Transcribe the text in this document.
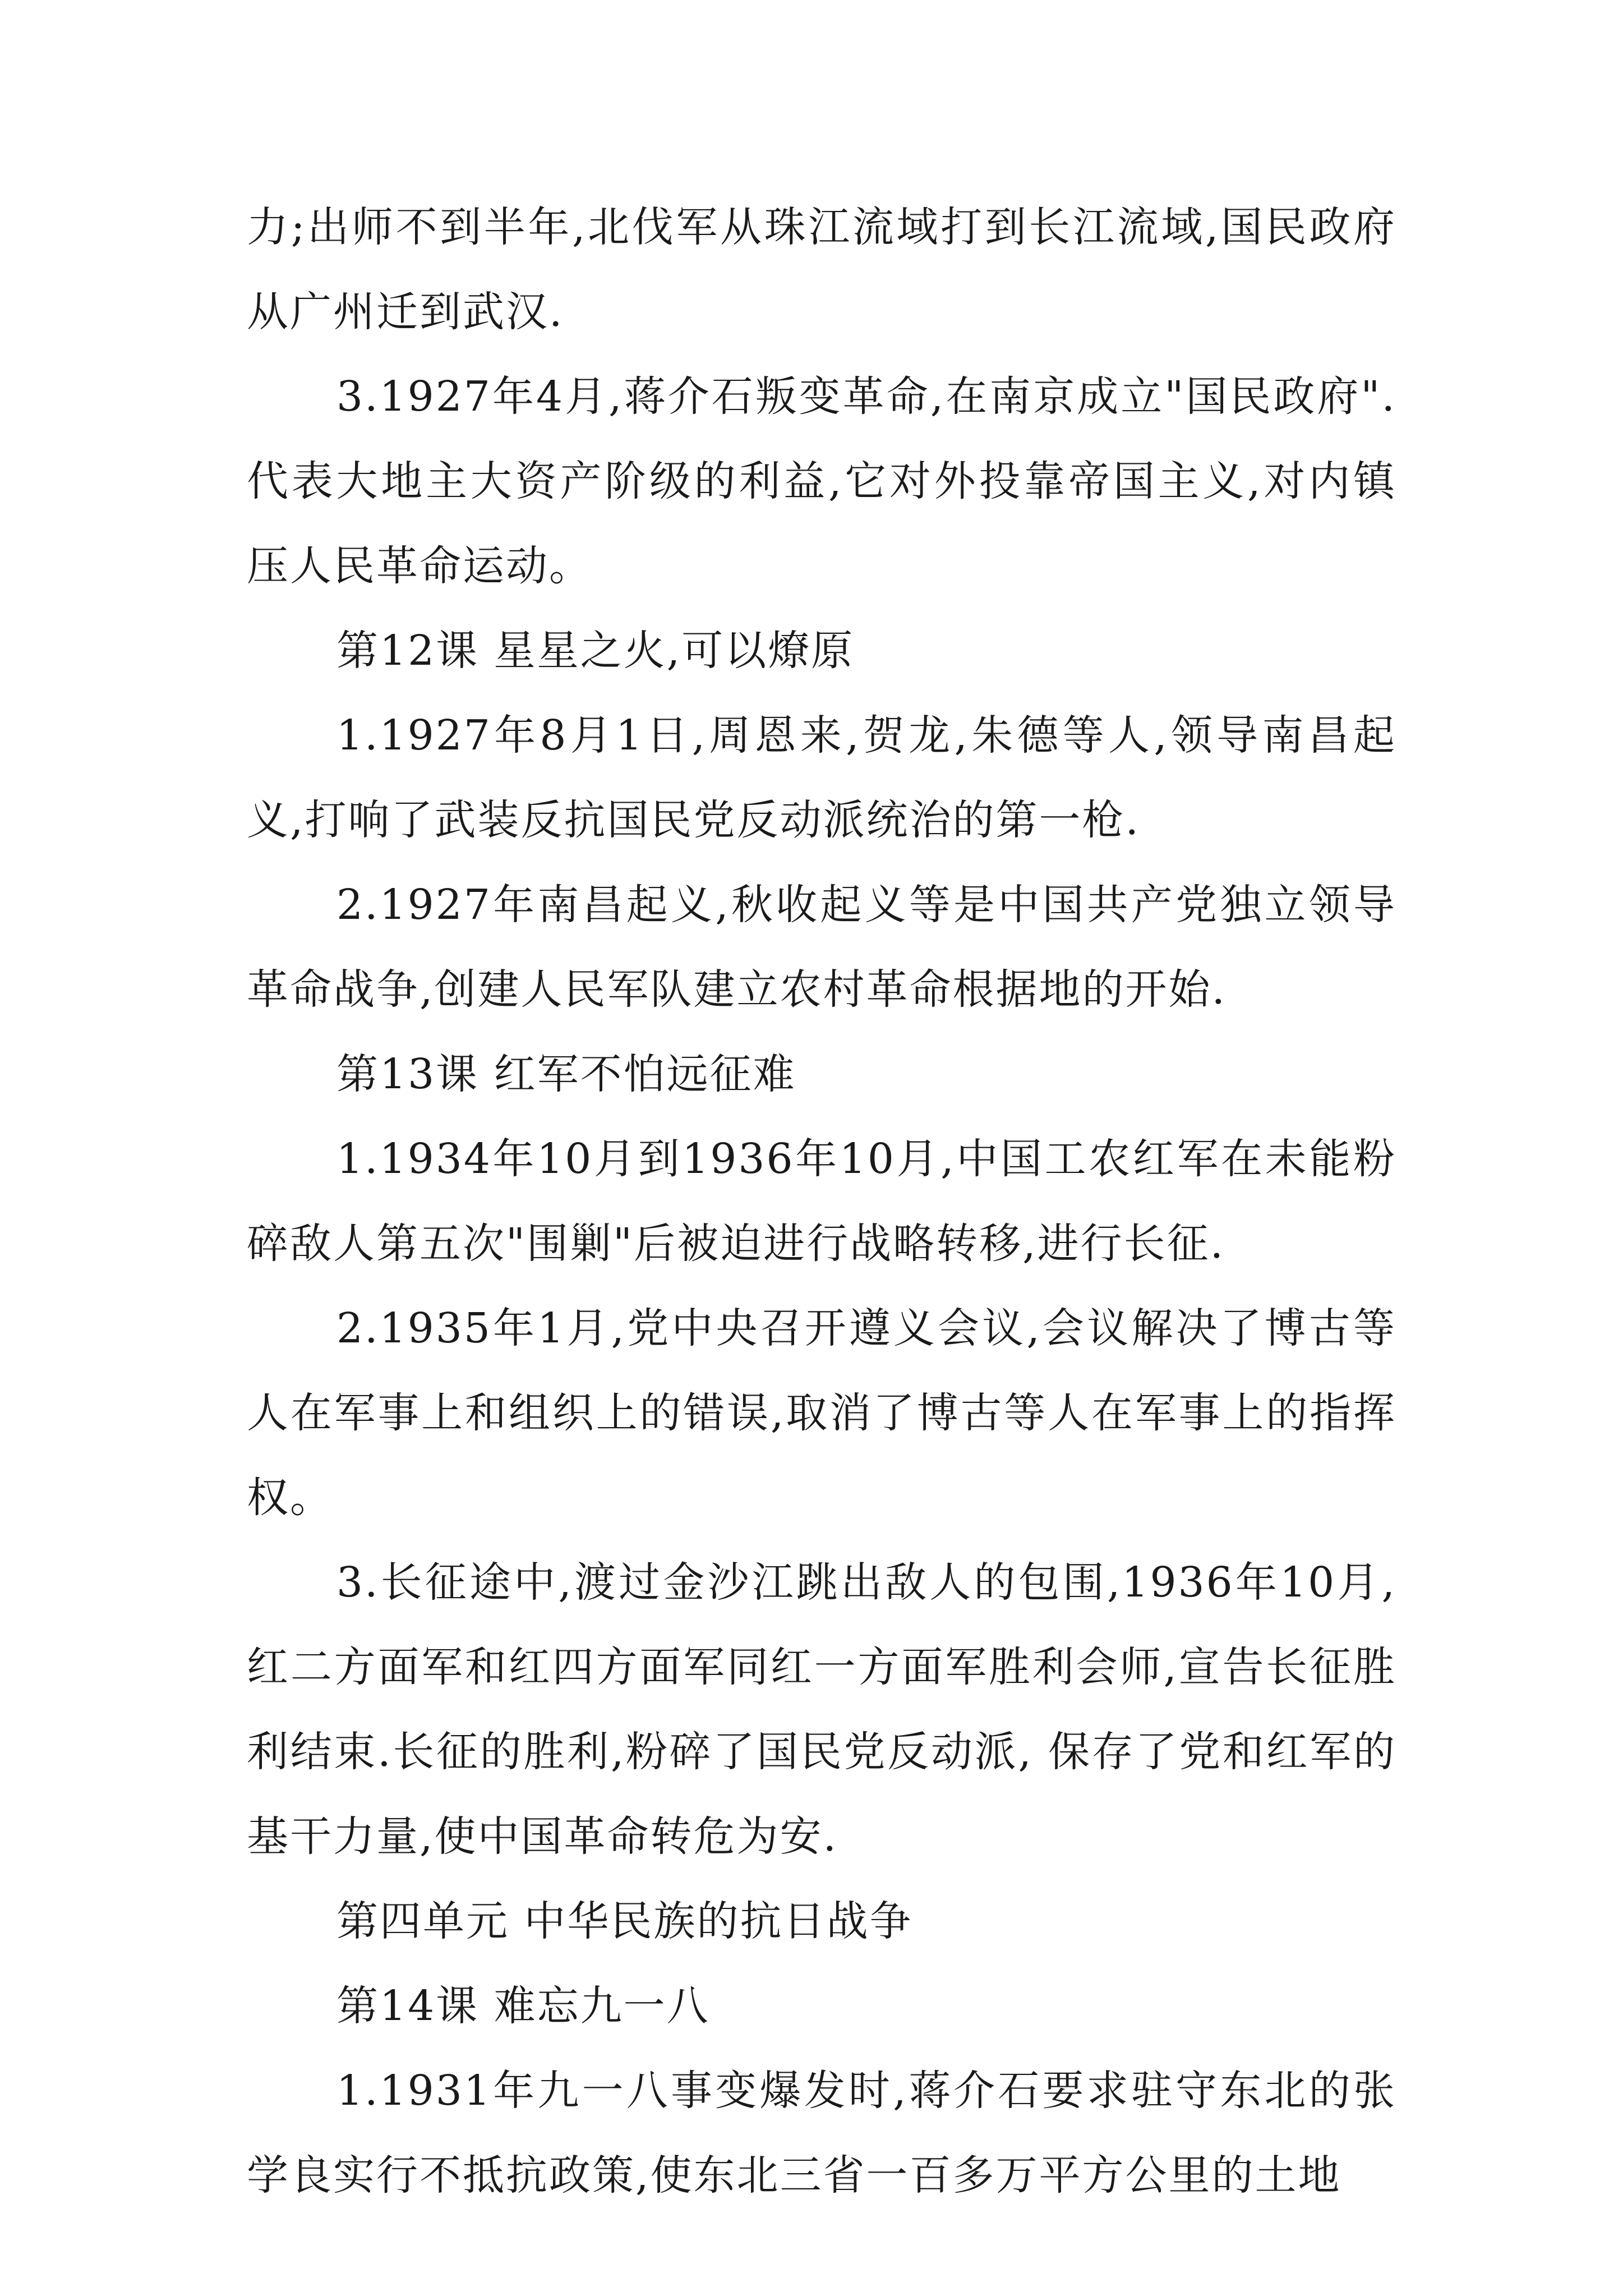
力;出师不到半年,北伐军从珠江流域打到长江流域,国民政府从广州迁到武汉.

3.1927年4月,蒋介石叛变革命,在南京成立"国民政府".代表大地主大资产阶级的利益,它对外投靠帝国主义,对内镇压人民革命运动。

第12课 星星之火,可以燎原

1.1927年8月1日,周恩来,贺龙,朱德等人,领导南昌起义,打响了武装反抗国民党反动派统治的第一枪.

2.1927年南昌起义,秋收起义等是中国共产党独立领导革命战争,创建人民军队建立农村革命根据地的开始.

第13课 红军不怕远征难

1.1934年10月到1936年10月,中国工农红军在未能粉碎敌人第五次"围剿"后被迫进行战略转移,进行长征.

2.1935年1月,党中央召开遵义会议,会议解决了博古等人在军事上和组织上的错误,取消了博古等人在军事上的指挥权。

3.长征途中,渡过金沙江跳出敌人的包围,1936年10月,红二方面军和红四方面军同红一方面军胜利会师,宣告长征胜利结束.长征的胜利,粉碎了国民党反动派, 保存了党和红军的基干力量,使中国革命转危为安.

第四单元 中华民族的抗日战争

第14课 难忘九一八

1.1931年九一八事变爆发时,蒋介石要求驻守东北的张学良实行不抵抗政策,使东北三省一百多万平方公里的土地
